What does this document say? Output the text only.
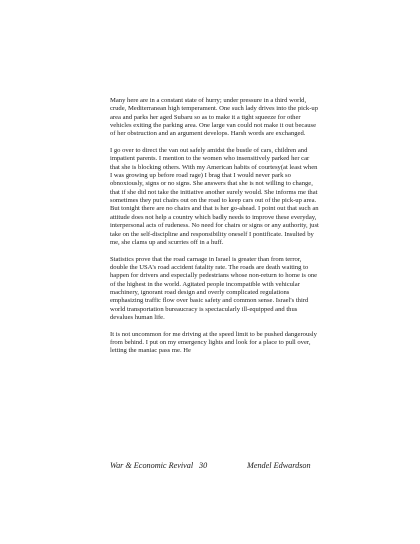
Many here are in a constant state of hurry; under pressure in a third world, crude, Mediterranean high temperament. One such lady drives into the pick-up area and parks her aged Subaru so as to make it a tight squeeze for other vehicles exiting the parking area. One large van could not make it out because of her obstruction and an argument develops. Harsh words are exchanged.

I go over to direct the van out safely amidst the bustle of cars, children and impatient parents. I mention to the women who insensitively parked her car that she is blocking others. With my American habits of courtesy(at least when I was growing up before road rage) I brag that I would never park so obnoxiously, signs or no signs. She answers that she is not willing to change, that if she did not take the initiative another surely would. She informs me that sometimes they put chairs out on the road to keep cars out of the pick-up area. But tonight there are no chairs and that is her go-ahead. I point out that such an attitude does not help a country which badly needs to improve these everyday, interpersonal acts of rudeness. No need for chairs or signs or any authority, just take on the self-discipline and responsibility oneself I pontificate. Insulted by me, she clams up and scurries off in a huff.

Statistics prove that the road carnage in Israel is greater than from terror, double the USA's road accident fatality rate. The roads are death waiting to happen for drivers and especially pedestrians whose non-return to home is one of the highest in the world. Agitated people incompatible with vehicular machinery, ignorant road design and overly complicated regulations emphasizing traffic flow over basic safety and common sense. Israel's third world transportation bureaucracy is spectacularly ill-equipped and thus devalues human life.

It is not uncommon for me driving at the speed limit to be pushed dangerously from behind. I put on my emergency lights and look for a place to pull over, letting the maniac pass me. He

War & Economic Revival 30	Mendel Edwardson
